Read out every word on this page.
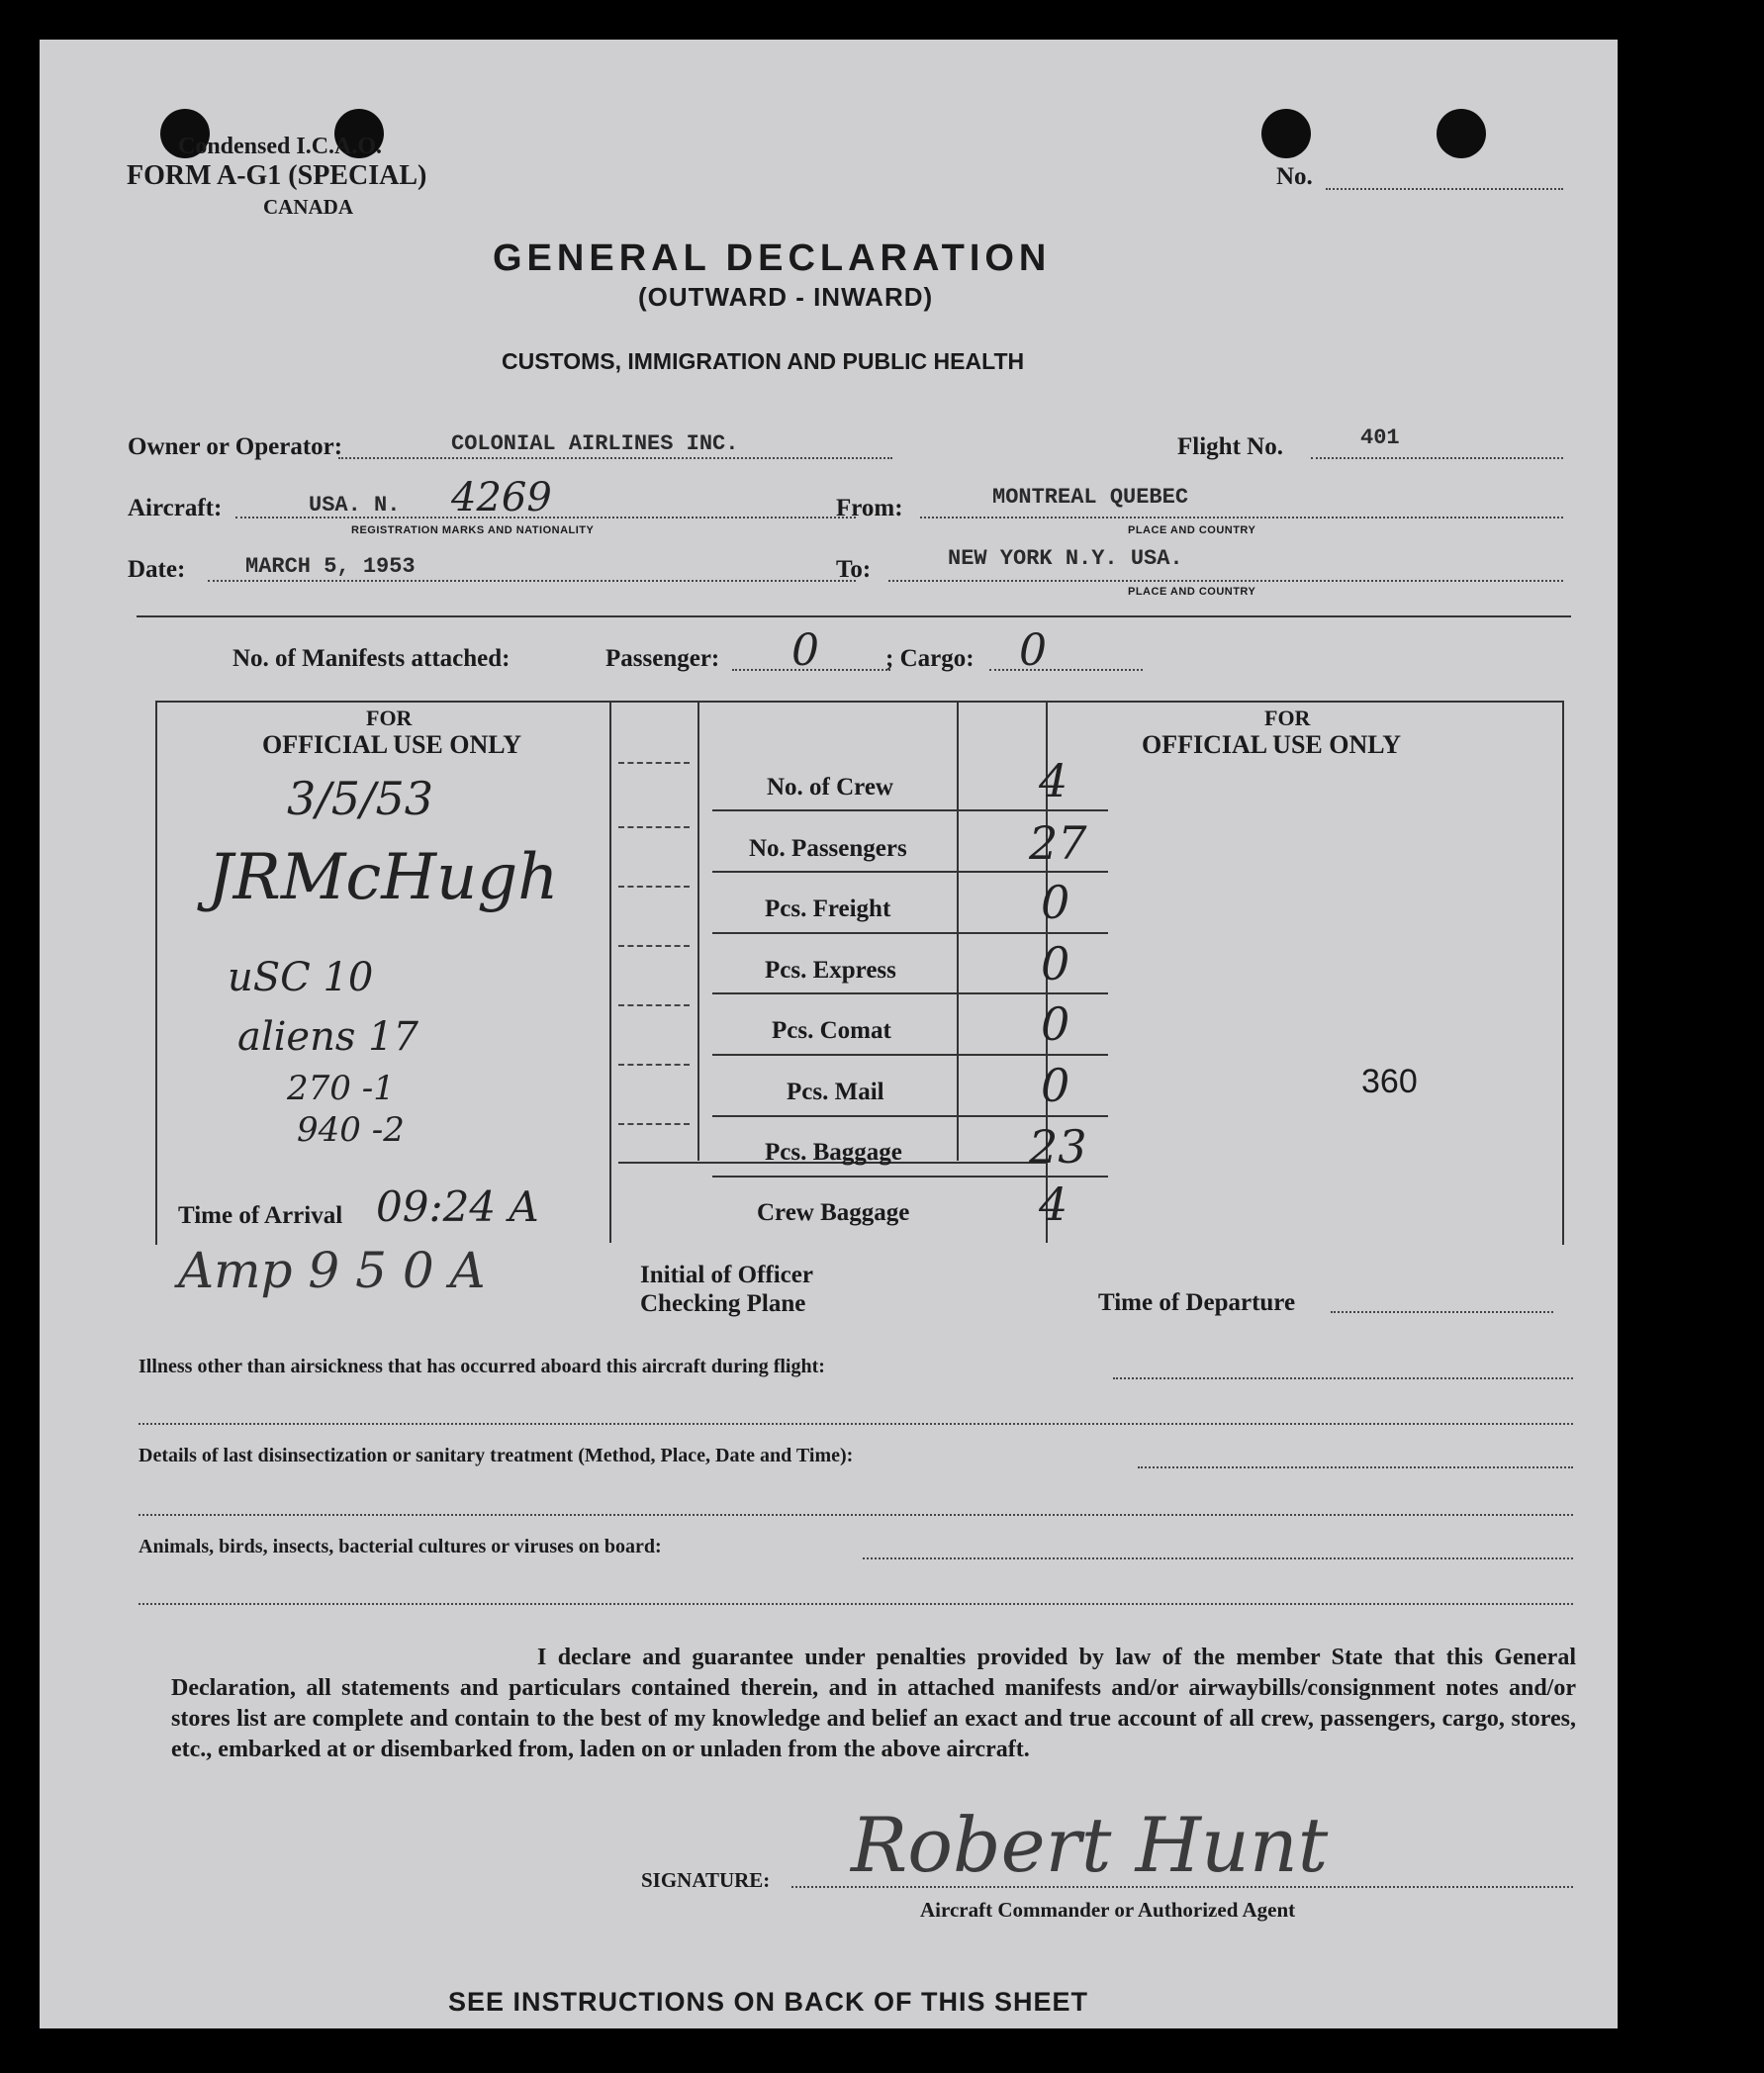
Condensed I.C.A.O.
FORM A-G1 (SPECIAL)
CANADA
No.
GENERAL DECLARATION
(OUTWARD - INWARD)
CUSTOMS, IMMIGRATION AND PUBLIC HEALTH
Owner or Operator:	COLONIAL AIRLINES INC.	Flight No.	401
Aircraft:	USA. N. 4269
REGISTRATION MARKS AND NATIONALITY
From:	MONTREAL QUEBEC
PLACE AND COUNTRY
Date:	MARCH 5, 1953	To:	NEW YORK N.Y. USA.
PLACE AND COUNTRY
No. of Manifests attached:	Passenger: 0	; Cargo: 0
FOR
OFFICIAL USE ONLY
3/5/53
JRMcHugh
uSC 10
aliens 17
270 -1
940 -2
Time of Arrival 09:24 A
Amp 9 5 0 A
No. of Crew	4
No. Passengers	27
Pcs. Freight	0
Pcs. Express	0
Pcs. Comat	0
Pcs. Mail	0
Pcs. Baggage	23
Crew Baggage	4
Initial of Officer
Checking Plane
FOR
OFFICIAL USE ONLY
360
Time of Departure
Illness other than airsickness that has occurred aboard this aircraft during flight:
Details of last disinsectization or sanitary treatment (Method, Place, Date and Time):
Animals, birds, insects, bacterial cultures or viruses on board:

I declare and guarantee under penalties provided by law of the member State that this General Declaration, all statements and particulars contained therein, and in attached manifests and/or airwaybills/consignment notes and/or stores list are complete and contain to the best of my knowledge and belief an exact and true account of all crew, passengers, cargo, stores, etc., embarked at or disembarked from, laden on or unladen from the above aircraft.

SIGNATURE: Robert Hunt
Aircraft Commander or Authorized Agent
SEE INSTRUCTIONS ON BACK OF THIS SHEET
